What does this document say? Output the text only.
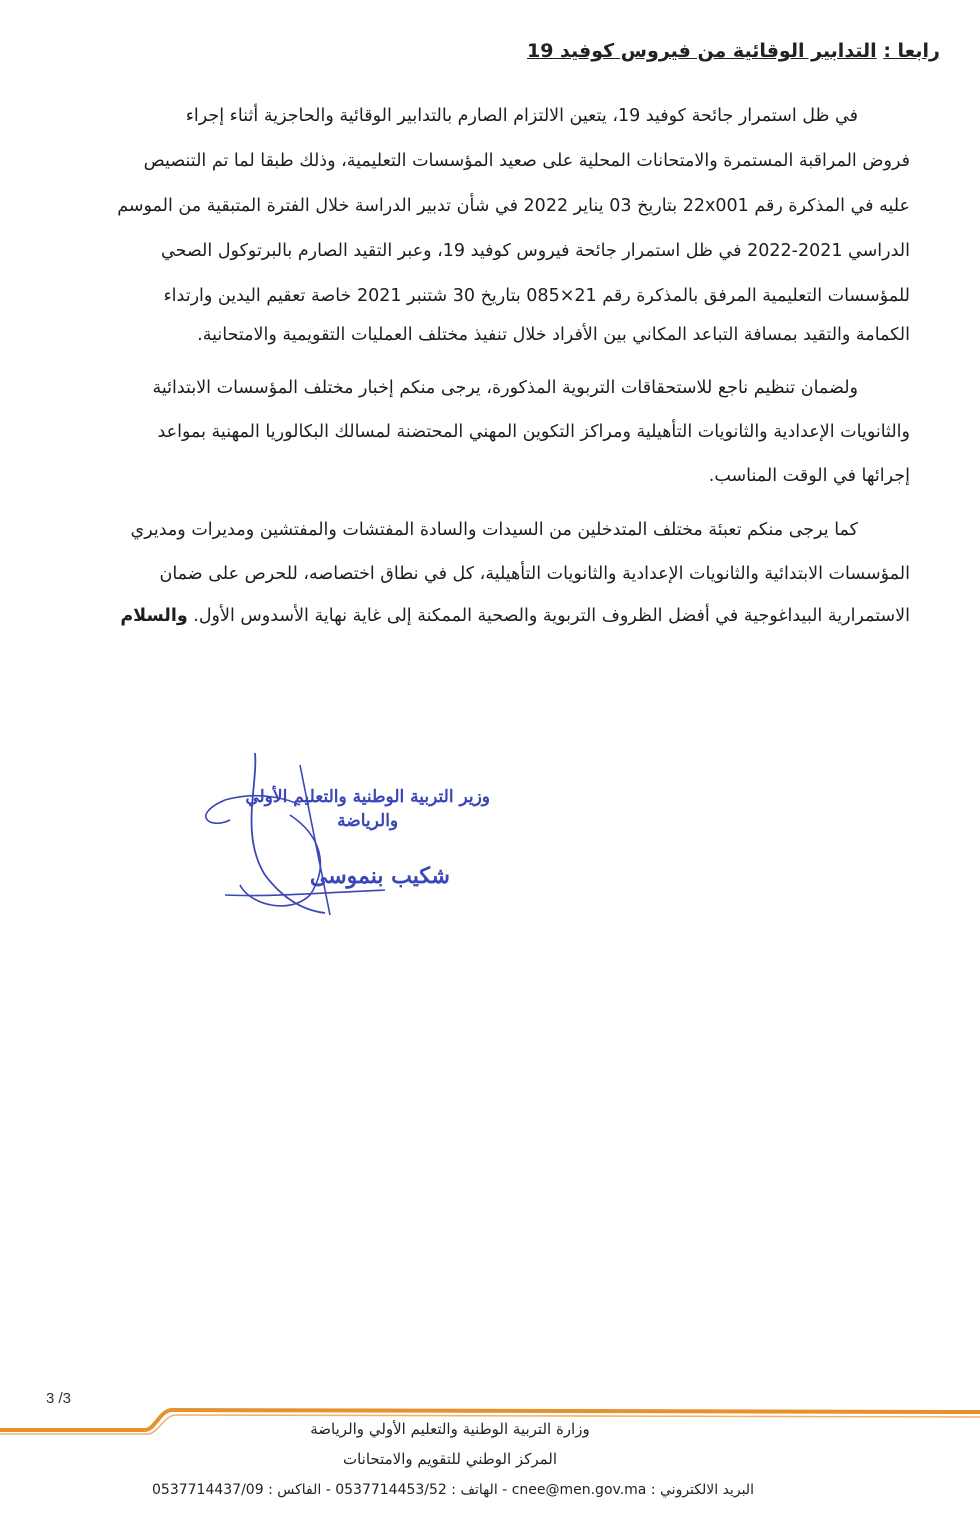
رابعا : التدابير الوقائية من فيروس كوفيد 19
في ظل استمرار جائحة كوفيد 19، يتعين الالتزام الصارم بالتدابير الوقائية والحاجزية أثناء إجراء
فروض المراقبة المستمرة والامتحانات المحلية على صعيد المؤسسات التعليمية، وذلك طبقا لما تم التنصيص
عليه في المذكرة رقم 22x001 بتاريخ 03 يناير 2022 في شأن تدبير الدراسة خلال الفترة المتبقية من الموسم
الدراسي 2021-2022 في ظل استمرار جائحة فيروس كوفيد 19، وعبر التقيد الصارم بالبرتوكول الصحي
للمؤسسات التعليمية المرفق بالمذكرة رقم 21×085 بتاريخ 30 شتنبر 2021 خاصة تعقيم اليدين وارتداء
الكمامة والتقيد بمسافة التباعد المكاني بين الأفراد خلال تنفيذ مختلف العمليات التقويمية والامتحانية.
ولضمان تنظيم ناجع للاستحقاقات التربوية المذكورة، يرجى منكم إخبار مختلف المؤسسات الابتدائية
والثانويات الإعدادية والثانويات التأهيلية ومراكز التكوين المهني المحتضنة لمسالك البكالوريا المهنية بمواعد
إجرائها في الوقت المناسب.
كما يرجى منكم تعبئة مختلف المتدخلين من السيدات والسادة المفتشات والمفتشين ومديرات ومديري
المؤسسات الابتدائية والثانويات الإعدادية والثانويات التأهيلية، كل في نطاق اختصاصه، للحرص على ضمان
الاستمرارية البيداغوجية في أفضل الظروف التربوية والصحية الممكنة إلى غاية نهاية الأسدوس الأول. والسلام
وزير التربية الوطنية والتعليم الأولي
والرياضة
شكيب بنموسى
3 /3
وزارة التربية الوطنية والتعليم الأولي والرياضة
المركز الوطني للتقويم والامتحانات
البريد الالكتروني : cnee@men.gov.ma - الهاتف : 0537714453/52 - الفاكس : 0537714437/09
